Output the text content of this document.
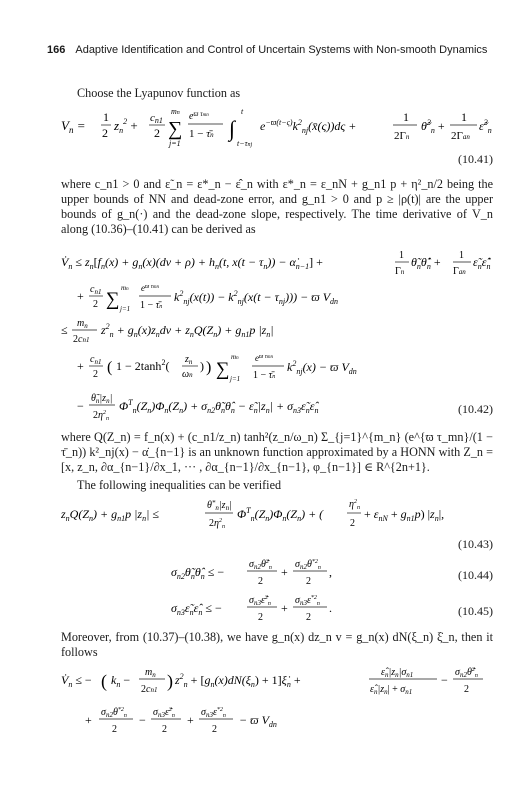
166 Adaptive Identification and Control of Uncertain Systems with Non-smooth Dynamics
Choose the Lyapunov function as
$V_n$ =
1
2 $z_n^2 + cn1$
2 ∑
mn
j=1
$e^{ϖ \tau mn}$
1 − τ̄n ∫
t
t−τnj
$e^{-ϖ(t-\varsigma)}k^2_{nj}(x̄(\varsigma))d\varsigma$ +
1
2Γn
θ̃$^2_n$ +
1
2Γan
ε̃$^2_n$
(10.41)
where c_n1 > 0 and ε̃_n = ε*_n − ε̂_n with ε*_n = ε_nN + g_n1 p + η²_n/2 being the upper bounds of NN and dead-zone error, and g_n1 > 0 and p ≥ |ρ(t)| are the upper bounds of g_n(·) and the dead-zone slope, respectively. The time derivative of V_n along (10.36)–(10.41) can be derived as
$V̇_n \le z_n[f_n(x) + g_n(x)(dv + \rho) + h_n(t$, $x(t - \tau_n)$) − $\alphȧ_{n-1}$] +	1
Γn
$\thetã_n\thetâ̇_n + 1$
Γan
$\varepsiloñ_n\varepsilon̂̇_n$
+ $c_{n1}$
2 ∑
mn
j=1
$e^{ϖ \tau mn}$
1 − τ̄n
$k^2_{nj}(x(t)) - k^2_{nj}(x(t - \tau_{nj}))) - ϖ$ $V_{dn}$
≤ $m_n$
2cn1
$z^2_n + g_n(x)z_ndv + z_nQ(Z_n) + g_{n1}p$ $|z_n|$
+ $c_{n1}$
2 ( $1 - 2\tanh^2$( $z_n$
ωn
) ) ∑
mn
j=1
$e^{ϖ \tau mn}$
1 − τ̄n
$k^2_{nj}(x) - ϖ$ $V_{dn}$
−
$\thetã_n|z_n|$
$2\eta^2_n$
$\Phi^T_n(Z_n)\Phi_n(Z_n)$ + $\sigma_{n2}\thetã_n\thetâ_n$ − $\varepsiloñ_n|z_n|$ + $\sigma_{n3}\varepsiloñ_n\varepsilon̂_n$	(10.42)
where Q(Z_n) = f_n(x) + (c_n1/z_n) tanh²(z_n/ω_n) Σ_{j=1}^{m_n} (e^{ϖ τ_mn}/(1 − τ̄_n)) k²_nj(x) − α̇_{n−1} is an unknown function approximated by a HONN with Z_n = [x, z_n, ∂α_{n−1}/∂x_1, ··· , ∂α_{n−1}/∂x_{n−1}, φ_{n−1}] ∈ R^{2n+1}.
The following inequalities can be verified
$z_nQ(Z_n) + g_{n1}p$ $|z_n|$ ≤
$\theta^*_n|z_n|$
$2\eta^2_n$
$\Phi^T_n(Z_n)\Phi_n(Z_n)$ + (
$\eta^2_n$
2
+ $\varepsilon_{nN} + g_{n1}p$) $|z_n|$,
(10.43)
$\sigma_{n2}\thetã_n\thetâ_n$ ≤ −
$\sigma_{n2}\thetã^2_n$
2
+
$\sigma_{n2}\theta^{*2}_n$
2
,	(10.44)
$\sigma_{n3}\varepsiloñ_n\varepsilon̂_n$ ≤ −
$\sigma_{n3}\varepsiloñ^2_n$
2
+
$\sigma_{n3}\varepsilon^{*2}_n$
2
.	(10.45)
Moreover, from (10.37)–(10.38), we have g_n(x) dz_n v = g_n(x) dN(ξ_n) ξ̇_n, then it follows
$V̇_n$ ≤ − ( $k_n$ −
$m_n$
2cn1 ) $z^2_n + [g_n(x)dN(\xi_n)$ + $1]\xi̇_n$ +
$\varepsilon̂_n|z_n|\sigma_{n1}$
$\varepsilon̂_n|z_n| + \sigma_{n1}$
−
$\sigma_{n2}\thetã^2_n$
2
+
$\sigma_{n2}\theta^{*2}_n$
2
−
$\sigma_{n3}\varepsiloñ^2_n$
2
+
$\sigma_{n3}\varepsilon^{*2}_n$
2
− ϖ $V_{dn}$
